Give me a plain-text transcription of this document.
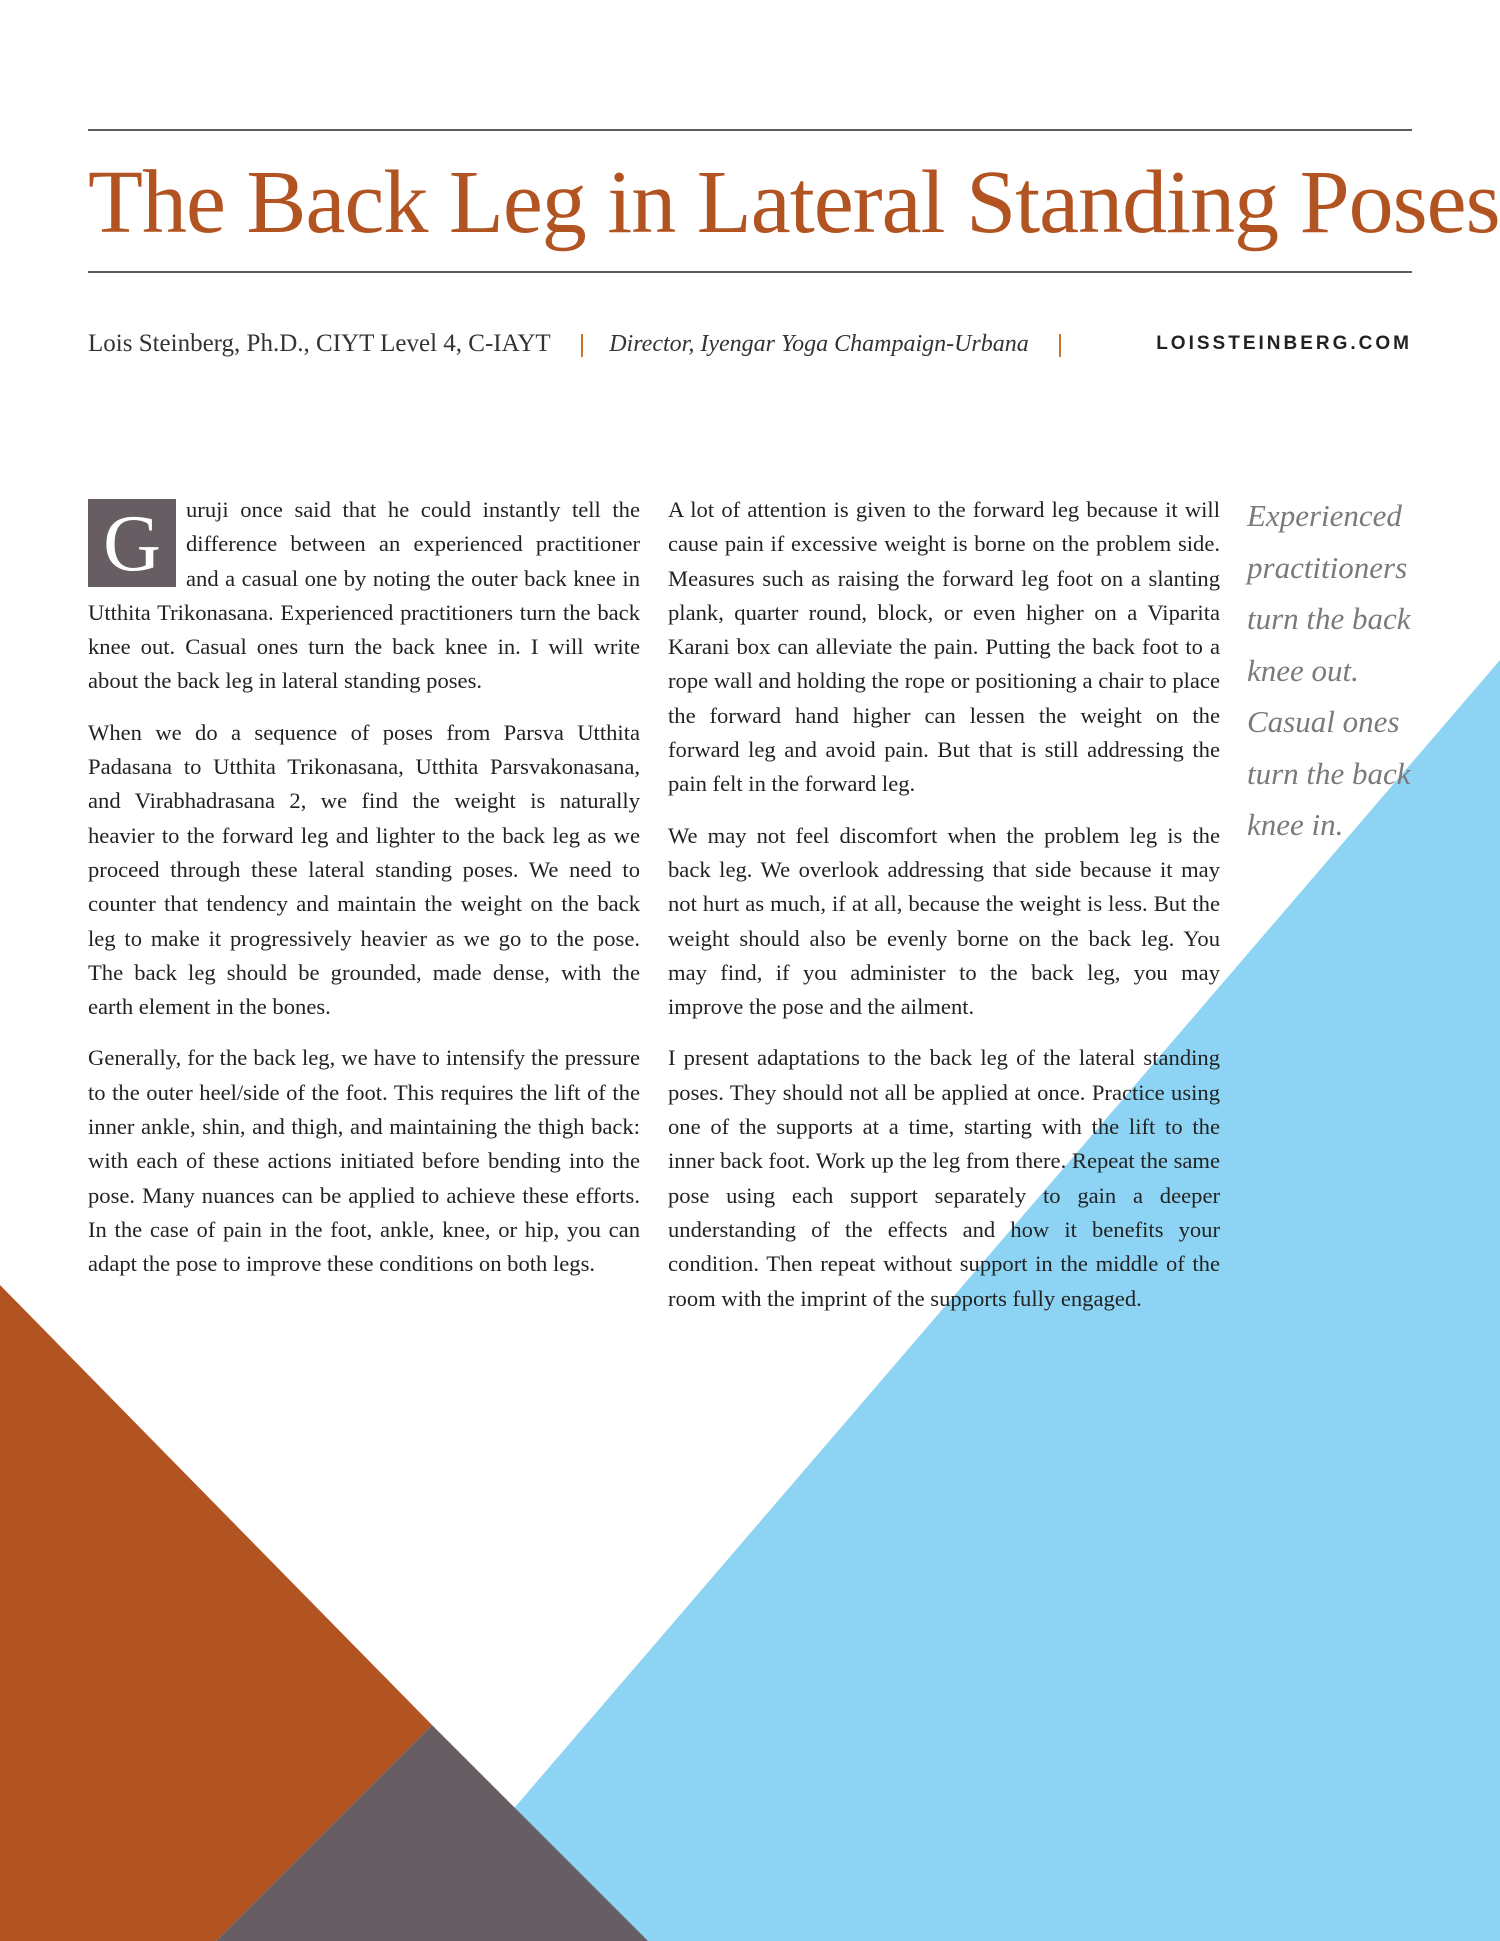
The Back Leg in Lateral Standing Poses
Lois Steinberg, Ph.D., CIYT Level 4, C-IAYT | Director, Iyengar Yoga Champaign-Urbana |	LOISSTEINBERG.COM

G	uruji once said that he could instantly tell the difference between an experienced practitioner and a casual one by noting the outer back knee in Utthita Trikonasana. Experienced practitioners turn the back knee out. Casual ones turn the back knee in. I will write about the back leg in lateral standing poses.

When we do a sequence of poses from Parsva Utthita Padasana to Utthita Trikonasana, Utthita Parsvakonasana, and Virabhadrasana 2, we find the weight is naturally heavier to the forward leg and lighter to the back leg as we proceed through these lateral standing poses. We need to counter that tendency and maintain the weight on the back leg to make it progressively heavier as we go to the pose. The back leg should be grounded, made dense, with the earth element in the bones.

Generally, for the back leg, we have to intensify the pressure to the outer heel/side of the foot. This requires the lift of the inner ankle, shin, and thigh, and maintaining the thigh back: with each of these actions initiated before bending into the pose. Many nuances can be applied to achieve these efforts. In the case of pain in the foot, ankle, knee, or hip, you can adapt the pose to improve these conditions on both legs.

A lot of attention is given to the forward leg because it will cause pain if excessive weight is borne on the problem side. Measures such as raising the forward leg foot on a slanting plank, quarter round, block, or even higher on a Viparita Karani box can alleviate the pain. Putting the back foot to a rope wall and holding the rope or positioning a chair to place the forward hand higher can lessen the weight on the forward leg and avoid pain. But that is still addressing the pain felt in the forward leg.

We may not feel discomfort when the problem leg is the back leg. We overlook addressing that side because it may not hurt as much, if at all, because the weight is less. But the weight should also be evenly borne on the back leg. You may find, if you administer to the back leg, you may improve the pose and the ailment.

I present adaptations to the back leg of the lateral standing poses. They should not all be applied at once. Practice using one of the supports at a time, starting with the lift to the inner back foot. Work up the leg from there. Repeat the same pose using each support separately to gain a deeper understanding of the effects and how it benefits your condition. Then repeat without support in the middle of the room with the imprint of the supports fully engaged.

Experienced practitioners turn the back knee out. Casual ones turn the back knee in.
